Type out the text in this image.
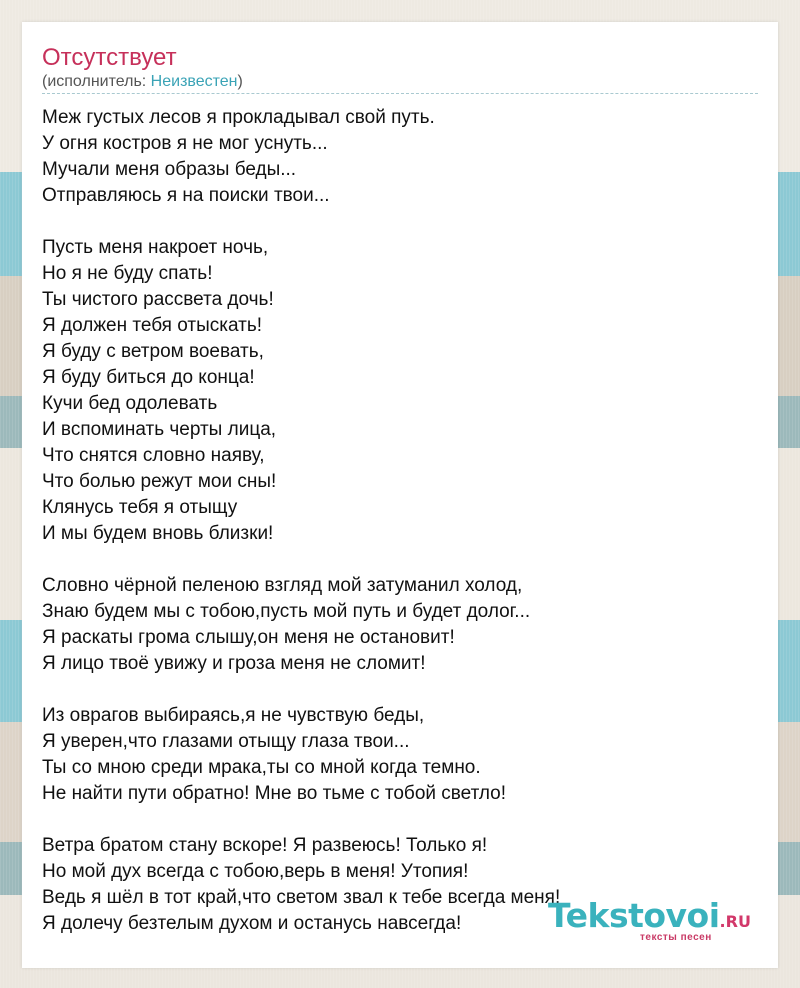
Отсутствует
(исполнитель: Неизвестен)
Меж густых лесов я прокладывал свой путь.
У огня костров я не мог уснуть...
Мучали меня образы беды...
Отправляюсь я на поиски твои...
Пусть меня накроет ночь,
Но я не буду спать!
Ты чистого рассвета дочь!
Я должен тебя отыскать!
Я буду с ветром воевать,
Я буду биться до конца!
Кучи бед одолевать
И вспоминать черты лица,
Что снятся словно наяву,
Что болью режут мои сны!
Клянусь тебя я отыщу
И мы будем вновь близки!
Словно чёрной пеленою взгляд мой затуманил холод,
Знаю будем мы с тобою,пусть мой путь и будет долог...
Я раскаты грома слышу,он меня не остановит!
Я лицо твоё увижу и гроза меня не сломит!
Из оврагов выбираясь,я не чувствую беды,
Я уверен,что глазами отыщу глаза твои...
Ты со мною среди мрака,ты со мной когда темно.
Не найти пути обратно! Мне во тьме с тобой светло!
Ветра братом стану вскоре! Я развеюсь! Только я!
Но мой дух всегда с тобою,верь в меня! Утопия!
Ведь я шёл в тот край,что светом звал к тебе всегда меня!
Я долечу безтелым духом и останусь навсегда!	Tekstovoi.RU
тексты песен
